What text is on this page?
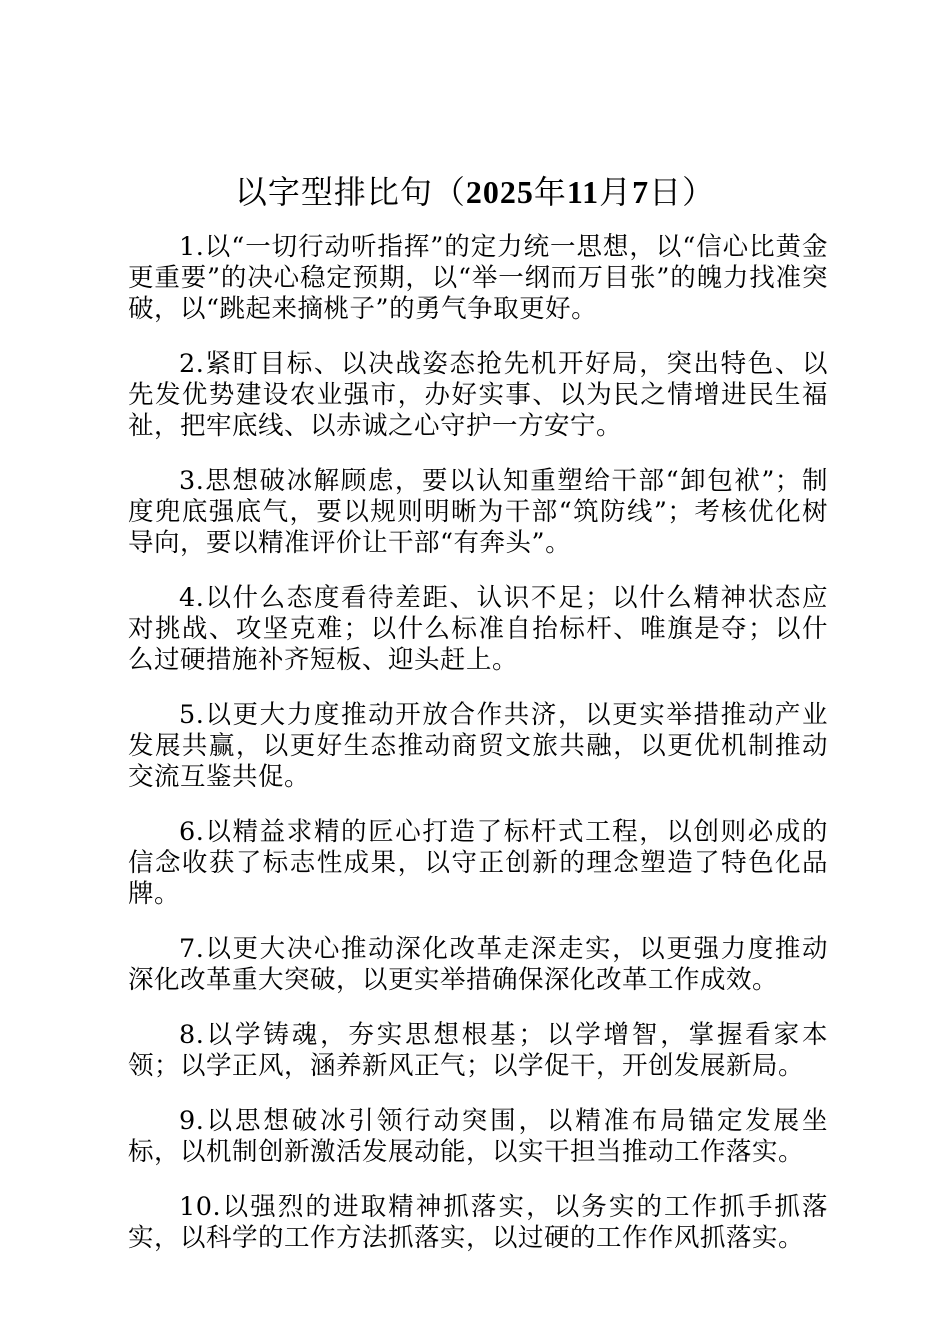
以字型排比句（2025年11月7日）

1.以“一切行动听指挥”的定力统一思想，以“信心比黄金更重要”的决心稳定预期，以“举一纲而万目张”的魄力找准突破，以“跳起来摘桃子”的勇气争取更好。

2.紧盯目标、以决战姿态抢先机开好局，突出特色、以先发优势建设农业强市，办好实事、以为民之情增进民生福祉，把牢底线、以赤诚之心守护一方安宁。

3.思想破冰解顾虑，要以认知重塑给干部“卸包袱”；制度兜底强底气，要以规则明晰为干部“筑防线”；考核优化树导向，要以精准评价让干部“有奔头”。

4.以什么态度看待差距、认识不足；以什么精神状态应对挑战、攻坚克难；以什么标准自抬标杆、唯旗是夺；以什么过硬措施补齐短板、迎头赶上。

5.以更大力度推动开放合作共济，以更实举措推动产业发展共赢，以更好生态推动商贸文旅共融，以更优机制推动交流互鉴共促。

6.以精益求精的匠心打造了标杆式工程，以创则必成的信念收获了标志性成果，以守正创新的理念塑造了特色化品牌。

7.以更大决心推动深化改革走深走实，以更强力度推动深化改革重大突破，以更实举措确保深化改革工作成效。

8.以学铸魂，夯实思想根基；以学增智，掌握看家本领；以学正风，涵养新风正气；以学促干，开创发展新局。

9.以思想破冰引领行动突围，以精准布局锚定发展坐标，以机制创新激活发展动能，以实干担当推动工作落实。

10.以强烈的进取精神抓落实，以务实的工作抓手抓落实，以科学的工作方法抓落实，以过硬的工作作风抓落实。
